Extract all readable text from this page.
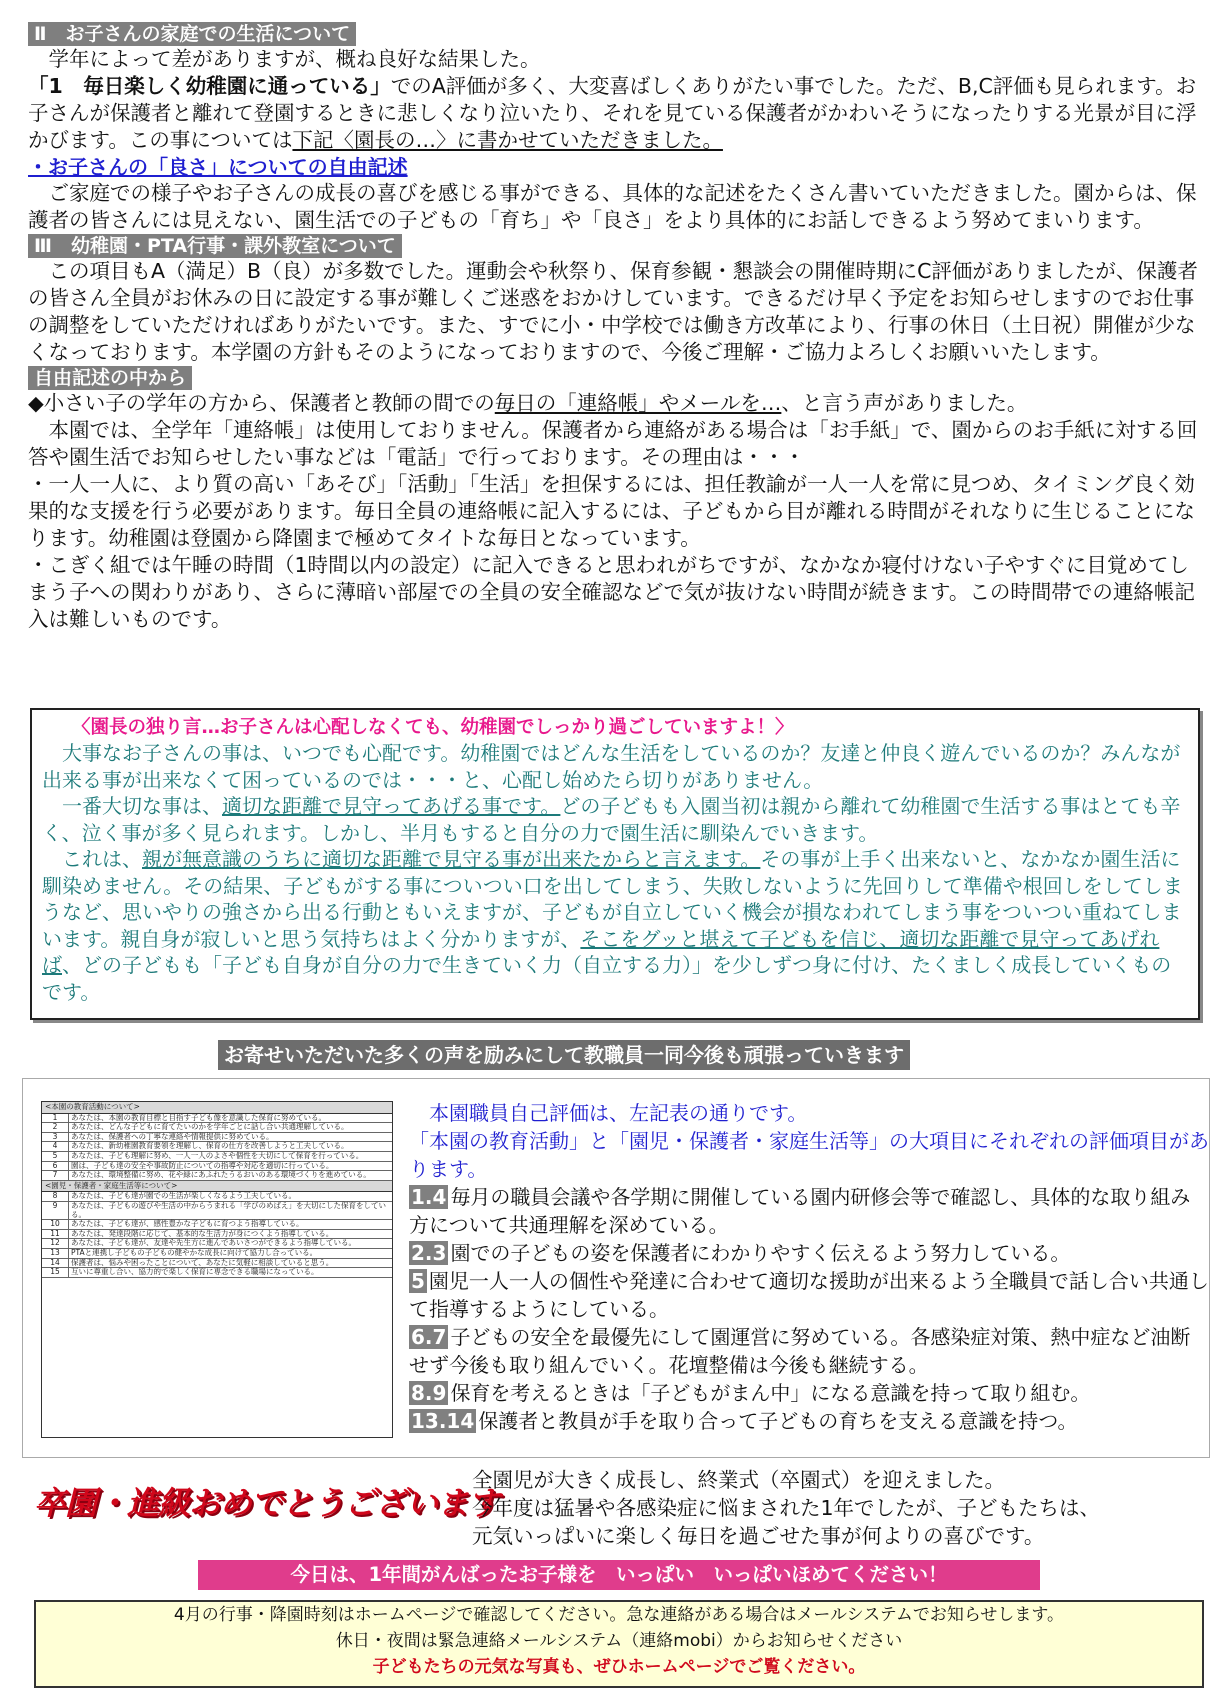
Ⅱ　お子さんの家庭での生活について

　学年によって差がありますが、概ね良好な結果した。

「1　毎日楽しく幼稚園に通っている」でのA評価が多く、大変喜ばしくありがたい事でした。ただ、B,C評価も見られます。お子さんが保護者と離れて登園するときに悲しくなり泣いたり、それを見ている保護者がかわいそうになったりする光景が目に浮かびます。この事については下記〈園長の…〉に書かせていただきました。

・お子さんの「良さ」についての自由記述

　ご家庭での様子やお子さんの成長の喜びを感じる事ができる、具体的な記述をたくさん書いていただきました。園からは、保護者の皆さんには見えない、園生活での子どもの「育ち」や「良さ」をより具体的にお話しできるよう努めてまいります。

Ⅲ　幼稚園・PTA行事・課外教室について

　この項目もA（満足）B（良）が多数でした。運動会や秋祭り、保育参観・懇談会の開催時期にC評価がありましたが、保護者の皆さん全員がお休みの日に設定する事が難しくご迷惑をおかけしています。できるだけ早く予定をお知らせしますのでお仕事の調整をしていただければありがたいです。また、すでに小・中学校では働き方改革により、行事の休日（土日祝）開催が少なくなっております。本学園の方針もそのようになっておりますので、今後ご理解・ご協力よろしくお願いいたします。

自由記述の中から

◆小さい子の学年の方から、保護者と教師の間での毎日の「連絡帳」やメールを…、と言う声がありました。

　本園では、全学年「連絡帳」は使用しておりません。保護者から連絡がある場合は「お手紙」で、園からのお手紙に対する回答や園生活でお知らせしたい事などは「電話」で行っております。その理由は・・・

・一人一人に、より質の高い「あそび」「活動」「生活」を担保するには、担任教諭が一人一人を常に見つめ、タイミング良く効果的な支援を行う必要があります。毎日全員の連絡帳に記入するには、子どもから目が離れる時間がそれなりに生じることになります。幼稚園は登園から降園まで極めてタイトな毎日となっています。

・こぎく組では午睡の時間（1時間以内の設定）に記入できると思われがちですが、なかなか寝付けない子やすぐに目覚めてしまう子への関わりがあり、さらに薄暗い部屋での全員の安全確認などで気が抜けない時間が続きます。この時間帯での連絡帳記入は難しいものです。

〈園長の独り言…お子さんは心配しなくても、幼稚園でしっかり過ごしていますよ！〉

　大事なお子さんの事は、いつでも心配です。幼稚園ではどんな生活をしているのか？友達と仲良く遊んでいるのか？みんなが出来る事が出来なくて困っているのでは・・・と、心配し始めたら切りがありません。

　一番大切な事は、適切な距離で見守ってあげる事です。どの子どもも入園当初は親から離れて幼稚園で生活する事はとても辛く、泣く事が多く見られます。しかし、半月もすると自分の力で園生活に馴染んでいきます。

　これは、親が無意識のうちに適切な距離で見守る事が出来たからと言えます。その事が上手く出来ないと、なかなか園生活に馴染めません。その結果、子どもがする事についつい口を出してしまう、失敗しないように先回りして準備や根回しをしてしまうなど、思いやりの強さから出る行動ともいえますが、子どもが自立していく機会が損なわれてしまう事をついつい重ねてしまいます。親自身が寂しいと思う気持ちはよく分かりますが、そこをグッと堪えて子どもを信じ、適切な距離で見守ってあげれば、どの子どもも「子ども自身が自分の力で生きていく力（自立する力）」を少しずつ身に付け、たくましく成長していくものです。

お寄せいただいた多くの声を励みにして教職員一同今後も頑張っていきます
<本園の教育活動について>
1	あなたは、本園の教育目標と目指す子ども像を意識した保育に努めている。
2	あなたは、どんな子どもに育てたいのかを学年ごとに話し合い共通理解している。
3	あなたは、保護者への丁寧な連絡や情報提供に努めている。
4	あなたは、新幼稚園教育要領を理解し、保育の仕方を改善しようと工夫している。
5	あなたは、子ども理解に努め、一人一人のよさや個性を大切にして保育を行っている。
6	園は、子ども達の安全や事故防止についての指導や対応を適切に行っている。
7	あなたは、環境整備に努め、花や緑にあふれたうるおいのある環境づくりを進めている。
<園児・保護者・家庭生活等について>
8	あなたは、子ども達が園での生活が楽しくなるよう工夫している。
9	あなたは、子どもの遊びや生活の中からうまれる「学びのめばえ」を大切にした保育をしている。
10	あなたは、子ども達が、感性豊かな子どもに育つよう指導している。
11	あなたは、発達段階に応じて、基本的な生活力が身につくよう指導している。
12	あなたは、子ども達が、友達や先生方に進んであいさつができるよう指導している。
13	PTAと連携し子どもの子どもの健やかな成長に向けて協力し合っている。
14	保護者は、悩みや困ったことについて、あなたに気軽に相談していると思う。
15	互いに尊重し合い、協力的で楽しく保育に専念できる職場になっている。

　本園職員自己評価は、左記表の通りです。

「本園の教育活動」と「園児・保護者・家庭生活等」の大項目にそれぞれの評価項目があります。

1.4 毎月の職員会議や各学期に開催している園内研修会等で確認し、具体的な取り組み方について共通理解を深めている。

2.3 園での子どもの姿を保護者にわかりやすく伝えるよう努力している。

5 園児一人一人の個性や発達に合わせて適切な援助が出来るよう全職員で話し合い共通して指導するようにしている。

6.7 子どもの安全を最優先にして園運営に努めている。各感染症対策、熱中症など油断せず今後も取り組んでいく。花壇整備は今後も継続する。

8.9 保育を考えるときは「子どもがまん中」になる意識を持って取り組む。

13.14 保護者と教員が手を取り合って子どもの育ちを支える意識を持つ。

卒園・進級おめでとうございます

全園児が大きく成長し、終業式（卒園式）を迎えました。

今年度は猛暑や各感染症に悩まされた1年でしたが、子どもたちは、

元気いっぱいに楽しく毎日を過ごせた事が何よりの喜びです。

今日は、1年間がんばったお子様を　いっぱい　いっぱいほめてください！

4月の行事・降園時刻はホームページで確認してください。急な連絡がある場合はメールシステムでお知らせします。

休日・夜間は緊急連絡メールシステム（連絡mobi）からお知らせください

子どもたちの元気な写真も、ぜひホームページでご覧ください。
